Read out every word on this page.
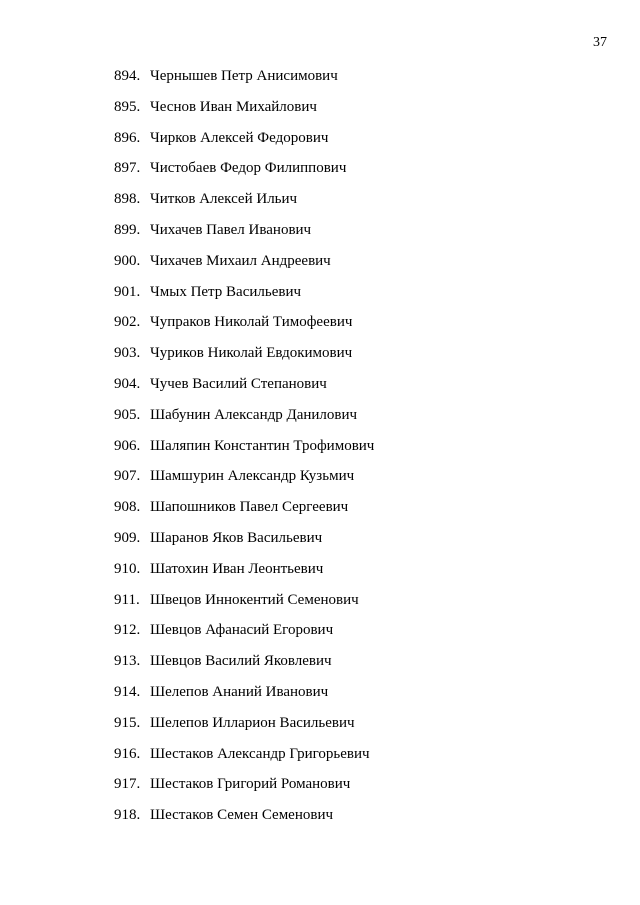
37
894. Чернышев Петр Анисимович
895. Чеснов Иван Михайлович
896. Чирков Алексей Федорович
897. Чистобаев Федор Филиппович
898. Читков Алексей Ильич
899. Чихачев Павел Иванович
900. Чихачев Михаил Андреевич
901. Чмых Петр Васильевич
902. Чупраков Николай Тимофеевич
903. Чуриков Николай Евдокимович
904. Чучев Василий Степанович
905. Шабунин Александр Данилович
906. Шаляпин Константин Трофимович
907. Шамшурин Александр Кузьмич
908. Шапошников Павел Сергеевич
909. Шаранов Яков Васильевич
910. Шатохин Иван Леонтьевич
911. Швецов Иннокентий Семенович
912. Шевцов Афанасий Егорович
913. Шевцов Василий Яковлевич
914. Шелепов Ананий Иванович
915. Шелепов Илларион Васильевич
916. Шестаков Александр Григорьевич
917. Шестаков Григорий Романович
918. Шестаков Семен Семенович
